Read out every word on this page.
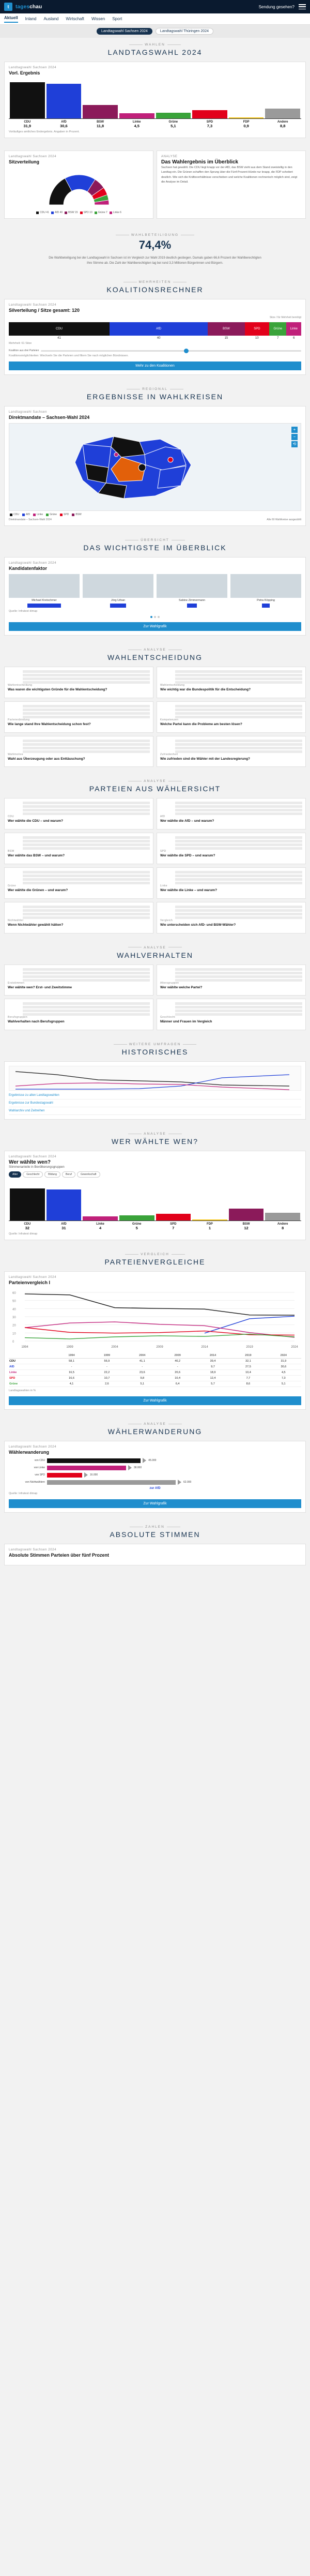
t	tageschau	Sendung gesehen?
Aktuell Inland Ausland Wirtschaft Wissen Sport
Landtagswahl Sachsen 2024	Landtagswahl Thüringen 2024
WAHLEN
LANDTAGSWAHL 2024
Landtagswahl Sachsen 2024
Vorl. Ergebnis
CDU
31,9
AfD
30,6
BSW
11,8
Linke
4,5
Grüne
5,1
SPD
7,3
FDP
0,9
Andere
8,8
Vorläufiges amtliches Endergebnis. Angaben in Prozent.
Landtagswahl Sachsen 2024
Sitzverteilung
CDU 41	AfD 40	BSW 15	SPD 10	Grüne 7	Linke 6
ANALYSE
Das Wahlergebnis im Überblick
Sachsen hat gewählt. Die CDU liegt knapp vor der AfD, das BSW zieht aus dem Stand zweistellig in den Landtag ein. Die Grünen schaffen den Sprung über die Fünf-Prozent-Hürde nur knapp, die FDP scheitert deutlich. Wie sich die Kräfteverhältnisse verschieben und welche Koalitionen rechnerisch möglich sind, zeigt die Analyse im Detail.
WAHLBETEILIGUNG
74,4%

Die Wahlbeteiligung bei der Landtagswahl in Sachsen ist im Vergleich zur Wahl 2019 deutlich gestiegen. Damals gaben 66,6 Prozent der Wahlberechtigten ihre Stimme ab. Die Zahl der Wahlberechtigten lag bei rund 3,3 Millionen Bürgerinnen und Bürgern.

MEHRHEITEN
KOALITIONSRECHNER
Landtagswahl Sachsen 2024
Silverteilung / Sitze gesamt: 120
Sitze / für Mehrheit benötigt
CDU	AfD	BSW	SPD	Grüne	Linke
41	40	15	10	7	6
Mehrheit: 61 Sitze
Koalition aus drei Parteien
Koalitionsmöglichkeiten: Wechseln Sie die Parteien und filtern Sie nach möglichen Bündnissen.
Mehr zu den Koalitionen
REGIONAL
ERGEBNISSE IN WAHLKREISEN
Landtagswahl Sachsen
Direktmandate – Sachsen-Wahl 2024
+
−
⟲
CDU	AfD	Linke	Grüne	SPD	BSW
Direktmandate – Sachsen-Wahl 2024	Alle 60 Wahlkreise ausgezählt
ÜBERSICHT
DAS WICHTIGSTE IM ÜBERBLICK
Landtagswahl Sachsen 2024
Kandidatenfaktor
Michael Kretschmer	Jörg Urban	Sabine Zimmermann	Petra Köpping
Quelle: Infratest dimap
Zur Wahlgrafik
ANALYSE
WAHLENTSCHEIDUNG
Wahlentscheidung
Was waren die wichtigsten Gründe für die Wahlentscheidung?
Wahlentscheidung
Wie wichtig war die Bundespolitik für die Entscheidung?
Parteienbindung
Wie lange stand Ihre Wahlentscheidung schon fest?
Kompetenzen
Welche Partei kann die Probleme am besten lösen?
Wahlmotive
Wahl aus Überzeugung oder aus Enttäuschung?
Zufriedenheit
Wie zufrieden sind die Wähler mit der Landesregierung?
ANALYSE
PARTEIEN AUS WÄHLERSICHT
CDU
Wer wählte die CDU – und warum?
AfD
Wer wählte die AfD – und warum?
BSW
Wer wählte das BSW – und warum?
SPD
Wer wählte die SPD – und warum?
Grüne
Wer wählte die Grünen – und warum?
Linke
Wer wählte die Linke – und warum?
Nichtwähler
Wenn Nichtwähler gewählt hätten?
Vergleich
Wie unterscheiden sich AfD- und BSW-Wähler?
ANALYSE
WAHLVERHALTEN
Erststimmen
Wer wählte wen? Erst- und Zweitstimme
Altersgruppen
Wer wählte welche Partei?
Berufsgruppen
Wahlverhalten nach Berufsgruppen
Geschlecht
Männer und Frauen im Vergleich
WEITERE UMFRAGEN
HISTORISCHES
Ergebnisse zu allen Landtagswahlen
Ergebnisse zur Bundestagswahl
Wahlarchiv und Zeitreihen
ANALYSE
WER WÄHLTE WEN?
Landtagswahl Sachsen 2024
Wer wählte wen?
Stimmenanteile in Bevölkerungsgruppen
Alter	Geschlecht	Bildung	Beruf	Gewerkschaft
CDU
32
AfD
31
Linke
4
Grüne
5
SPD
7
FDP
1
BSW
12
Andere
8
Quelle: Infratest dimap
VERGLEICH
PARTEIENVERGLEICHE
Landtagswahl Sachsen 2024
Parteienvergleich I
0
10
20
30
40
50
60
1994	1999	2004	2009	2014	2019	2024
	1994	1999	2004	2009	2014	2019	2024
CDU	58,1	56,9	41,1	40,2	39,4	32,1	31,9
AfD	-	-	-	-	9,7	27,5	30,6
Linke	16,5	22,2	23,6	20,6	18,9	10,4	4,5
SPD	16,6	10,7	9,8	10,4	12,4	7,7	7,3
Grüne	4,1	2,6	5,1	6,4	5,7	8,6	5,1
Landtagswahlen in %
Zur Wahlgrafik
ANALYSE
WÄHLERWANDERUNG
Landtagswahl Sachsen 2024
Wählerwanderung
von CDU	45.000
von Linke	38.000
von SPD	16.000
von Nichtwählern	62.000
zur AfD
Quelle: Infratest dimap
Zur Wahlgrafik
ZAHLEN
ABSOLUTE STIMMEN
Landtagswahl Sachsen 2024
Absolute Stimmen Parteien über fünf Prozent
